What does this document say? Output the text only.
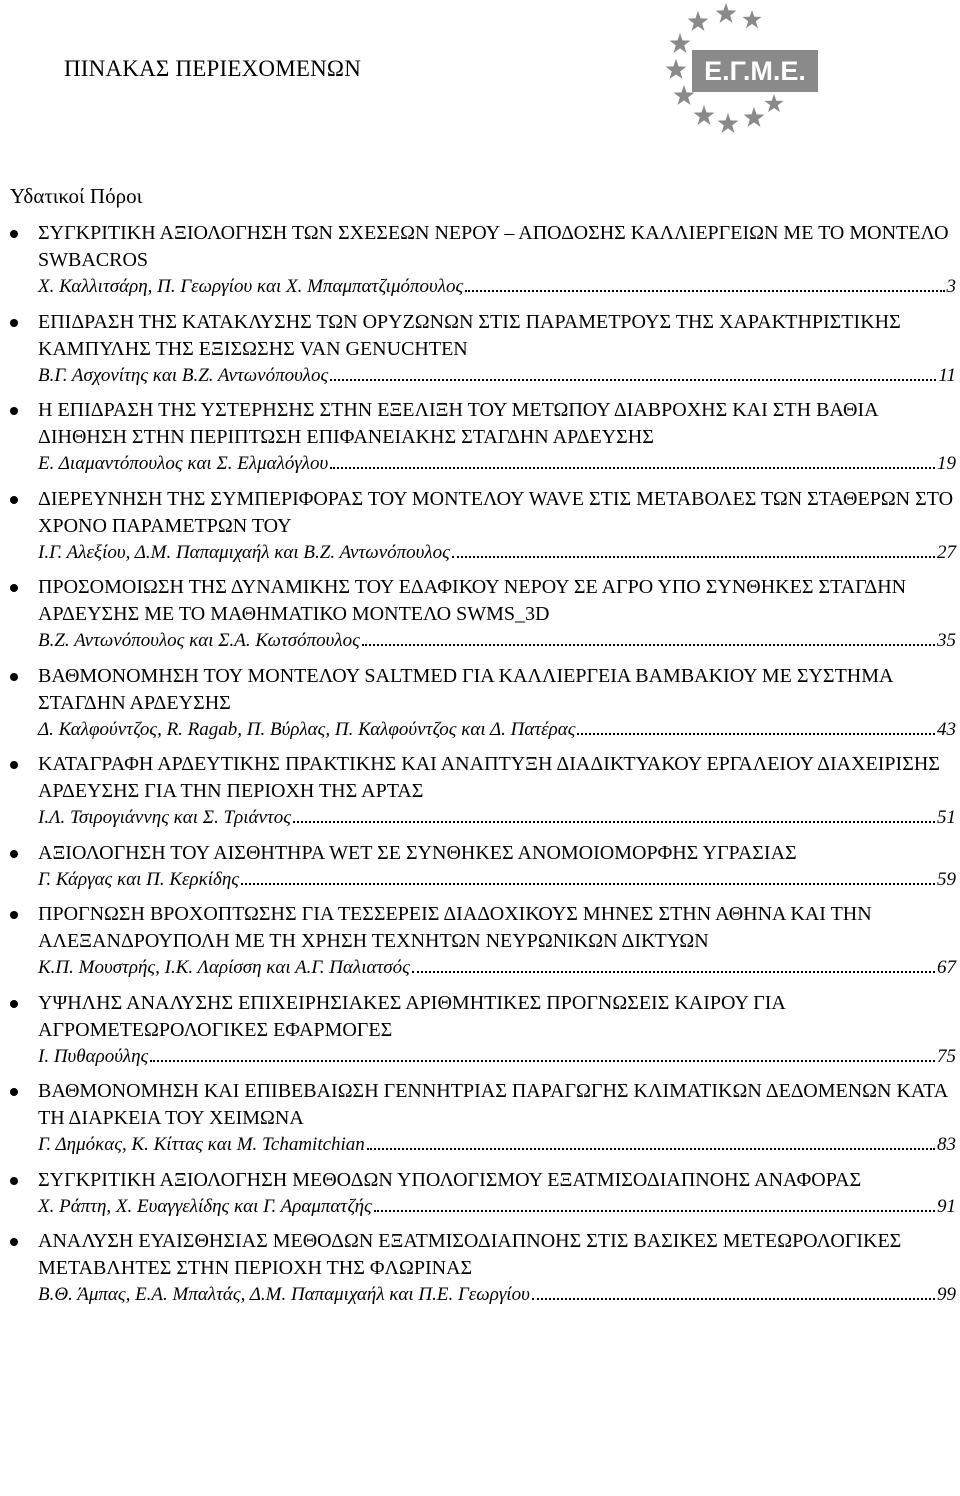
ΠΙΝΑΚΑΣ ΠΕΡΙΕΧΟΜΕΝΩΝ	Ε.Γ.Μ.Ε.
Υδατικοί Πόροι
ΣΥΓΚΡΙΤΙΚΗ ΑΞΙΟΛΟΓΗΣΗ ΤΩΝ ΣΧΕΣΕΩΝ ΝΕΡΟΥ – ΑΠΟΔΟΣΗΣ ΚΑΛΛΙΕΡΓΕΙΩΝ ΜΕ ΤΟ ΜΟΝΤΕΛΟ SWBACROS
Χ. Καλλιτσάρη, Π. Γεωργίου και Χ. Μπαμπατζιμόπουλος	3
ΕΠΙΔΡΑΣΗ ΤΗΣ ΚΑΤΑΚΛΥΣΗΣ ΤΩΝ ΟΡΥΖΩΝΩΝ ΣΤΙΣ ΠΑΡΑΜΕΤΡΟΥΣ ΤΗΣ ΧΑΡΑΚΤΗΡΙΣΤΙΚΗΣ ΚΑΜΠΥΛΗΣ ΤΗΣ ΕΞΙΣΩΣΗΣ VAN GENUCHTEN
Β.Γ. Ασχονίτης και Β.Ζ. Αντωνόπουλος	11
Η ΕΠΙΔΡΑΣΗ ΤΗΣ ΥΣΤΕΡΗΣΗΣ ΣΤΗΝ ΕΞΕΛΙΞΗ ΤΟΥ ΜΕΤΩΠΟΥ ΔΙΑΒΡΟΧΗΣ ΚΑΙ ΣΤΗ ΒΑΘΙΑ ΔΙΗΘΗΣΗ ΣΤΗΝ ΠΕΡΙΠΤΩΣΗ ΕΠΙΦΑΝΕΙΑΚΗΣ ΣΤΑΓΔΗΝ ΑΡΔΕΥΣΗΣ
Ε. Διαμαντόπουλος και Σ. Ελμαλόγλου	19
ΔΙΕΡΕΥΝΗΣΗ ΤΗΣ ΣΥΜΠΕΡΙΦΟΡΑΣ ΤΟΥ ΜΟΝΤΕΛΟΥ WAVE ΣΤΙΣ ΜΕΤΑΒΟΛΕΣ ΤΩΝ ΣΤΑΘΕΡΩΝ ΣΤΟ ΧΡΟΝΟ ΠΑΡΑΜΕΤΡΩΝ ΤΟΥ
Ι.Γ. Αλεξίου, Δ.Μ. Παπαμιχαήλ και Β.Ζ. Αντωνόπουλος	27
ΠΡΟΣΟΜΟΙΩΣΗ ΤΗΣ ΔΥΝΑΜΙΚΗΣ ΤΟΥ ΕΔΑΦΙΚΟΥ ΝΕΡΟΥ ΣΕ ΑΓΡΟ ΥΠΟ ΣΥΝΘΗΚΕΣ ΣΤΑΓΔΗΝ ΑΡΔΕΥΣΗΣ ΜΕ ΤΟ ΜΑΘΗΜΑΤΙΚΟ ΜΟΝΤΕΛΟ SWMS_3D
Β.Ζ. Αντωνόπουλος και Σ.Α. Κωτσόπουλος	35
ΒΑΘΜΟΝΟΜΗΣΗ ΤΟΥ ΜΟΝΤΕΛΟΥ SALTMED ΓΙΑ ΚΑΛΛΙΕΡΓΕΙΑ ΒΑΜΒΑΚΙΟΥ ΜΕ ΣΥΣΤΗΜΑ ΣΤΑΓΔΗΝ ΑΡΔΕΥΣΗΣ
Δ. Καλφούντζος, R. Ragab, Π. Βύρλας, Π. Καλφούντζος και Δ. Πατέρας	43
ΚΑΤΑΓΡΑΦΗ ΑΡΔΕΥΤΙΚΗΣ ΠΡΑΚΤΙΚΗΣ ΚΑΙ ΑΝΑΠΤΥΞΗ ΔΙΑΔΙΚΤΥΑΚΟΥ ΕΡΓΑΛΕΙΟΥ ΔΙΑΧΕΙΡΙΣΗΣ ΑΡΔΕΥΣΗΣ ΓΙΑ ΤΗΝ ΠΕΡΙΟΧΗ ΤΗΣ ΑΡΤΑΣ
Ι.Λ. Τσιρογιάννης και Σ. Τριάντος	51
ΑΞΙΟΛΟΓΗΣΗ ΤΟΥ ΑΙΣΘΗΤΗΡΑ WET ΣΕ ΣΥΝΘΗΚΕΣ ΑΝΟΜΟΙΟΜΟΡΦΗΣ ΥΓΡΑΣΙΑΣ
Γ. Κάργας και Π. Κερκίδης	59
ΠΡΟΓΝΩΣΗ ΒΡΟΧΟΠΤΩΣΗΣ ΓΙΑ ΤΕΣΣΕΡΕΙΣ ΔΙΑΔΟΧΙΚΟΥΣ ΜΗΝΕΣ ΣΤΗΝ ΑΘΗΝΑ ΚΑΙ ΤΗΝ ΑΛΕΞΑΝΔΡΟΥΠΟΛΗ ΜΕ ΤΗ ΧΡΗΣΗ ΤΕΧΝΗΤΩΝ ΝΕΥΡΩΝΙΚΩΝ ΔΙΚΤΥΩΝ
Κ.Π. Μουστρής, Ι.Κ. Λαρίσση και Α.Γ. Παλιατσός	67
ΥΨΗΛΗΣ ΑΝΑΛΥΣΗΣ ΕΠΙΧΕΙΡΗΣΙΑΚΕΣ ΑΡΙΘΜΗΤΙΚΕΣ ΠΡΟΓΝΩΣΕΙΣ ΚΑΙΡΟΥ ΓΙΑ ΑΓΡΟΜΕΤΕΩΡΟΛΟΓΙΚΕΣ ΕΦΑΡΜΟΓΕΣ
Ι. Πυθαρούλης	75
ΒΑΘΜΟΝΟΜΗΣΗ ΚΑΙ ΕΠΙΒΕΒΑΙΩΣΗ ΓΕΝΝΗΤΡΙΑΣ ΠΑΡΑΓΩΓΗΣ ΚΛΙΜΑΤΙΚΩΝ ΔΕΔΟΜΕΝΩΝ ΚΑΤΑ ΤΗ ΔΙΑΡΚΕΙΑ ΤΟΥ ΧΕΙΜΩΝΑ
Γ. Δημόκας, Κ. Κίττας και Μ. Tchamitchian	83
ΣΥΓΚΡΙΤΙΚΗ ΑΞΙΟΛΟΓΗΣΗ ΜΕΘΟΔΩΝ ΥΠΟΛΟΓΙΣΜΟΥ ΕΞΑΤΜΙΣΟΔΙΑΠΝΟΗΣ ΑΝΑΦΟΡΑΣ
Χ. Ράπτη, Χ. Ευαγγελίδης και Γ. Αραμπατζής	91
ΑΝΑΛΥΣΗ ΕΥΑΙΣΘΗΣΙΑΣ ΜΕΘΟΔΩΝ ΕΞΑΤΜΙΣΟΔΙΑΠΝΟΗΣ ΣΤΙΣ ΒΑΣΙΚΕΣ ΜΕΤΕΩΡΟΛΟΓΙΚΕΣ ΜΕΤΑΒΛΗΤΕΣ ΣΤΗΝ ΠΕΡΙΟΧΗ ΤΗΣ ΦΛΩΡΙΝΑΣ
Β.Θ. Άμπας, Ε.Α. Μπαλτάς, Δ.Μ. Παπαμιχαήλ και Π.Ε. Γεωργίου	99
